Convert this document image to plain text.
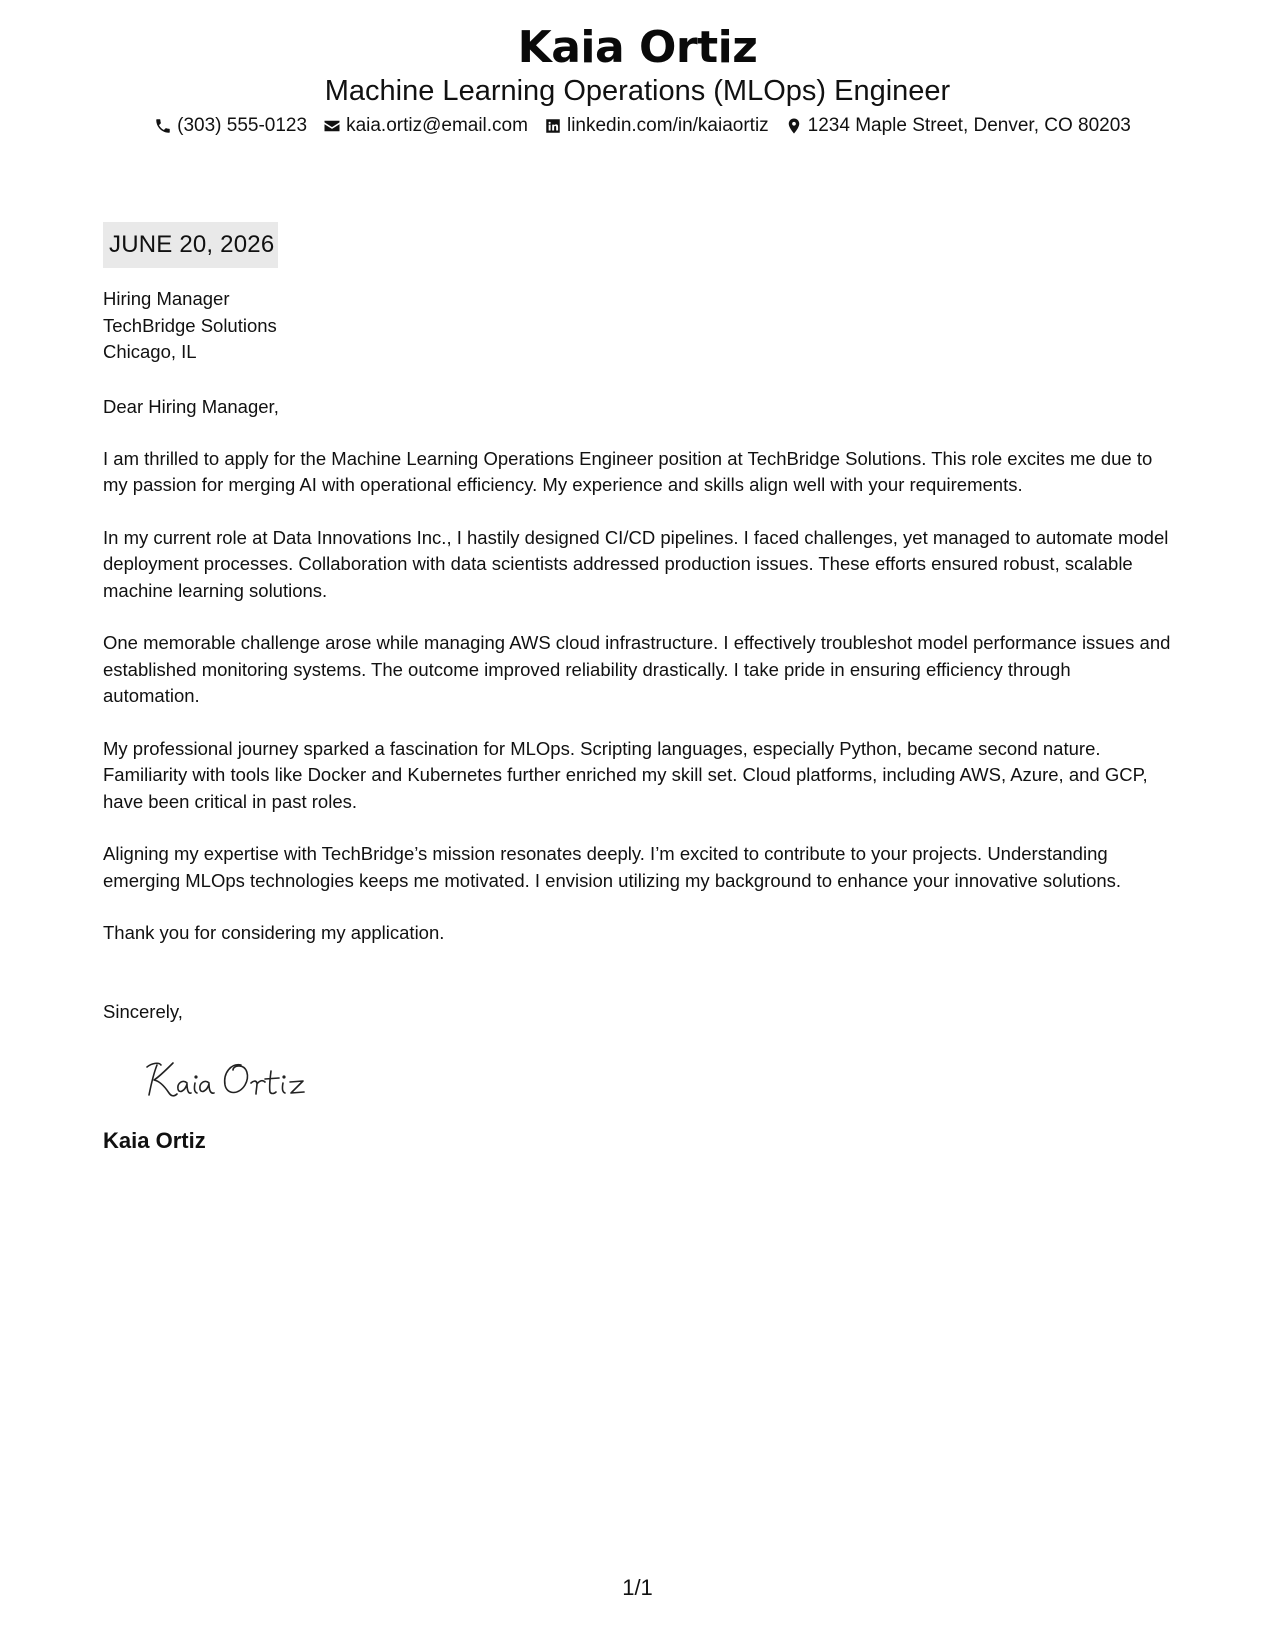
Kaia Ortiz
Machine Learning Operations (MLOps) Engineer
(303) 555-0123 kaia.ortiz@email.com linkedin.com/in/kaiaortiz 1234 Maple Street, Denver, CO 80203
JUNE 20, 2026
Hiring Manager
TechBridge Solutions
Chicago, IL
Dear Hiring Manager,
I am thrilled to apply for the Machine Learning Operations Engineer position at TechBridge Solutions. This role excites me due to my passion for merging AI with operational efficiency. My experience and skills align well with your requirements.
In my current role at Data Innovations Inc., I hastily designed CI/CD pipelines. I faced challenges, yet managed to automate model deployment processes. Collaboration with data scientists addressed production issues. These efforts ensured robust, scalable machine learning solutions.
One memorable challenge arose while managing AWS cloud infrastructure. I effectively troubleshot model performance issues and established monitoring systems. The outcome improved reliability drastically. I take pride in ensuring efficiency through automation.
My professional journey sparked a fascination for MLOps. Scripting languages, especially Python, became second nature. Familiarity with tools like Docker and Kubernetes further enriched my skill set. Cloud platforms, including AWS, Azure, and GCP, have been critical in past roles.
Aligning my expertise with TechBridge’s mission resonates deeply. I’m excited to contribute to your projects. Understanding emerging MLOps technologies keeps me motivated. I envision utilizing my background to enhance your innovative solutions.
Thank you for considering my application.
Sincerely,
Kaia Ortiz
1/1
